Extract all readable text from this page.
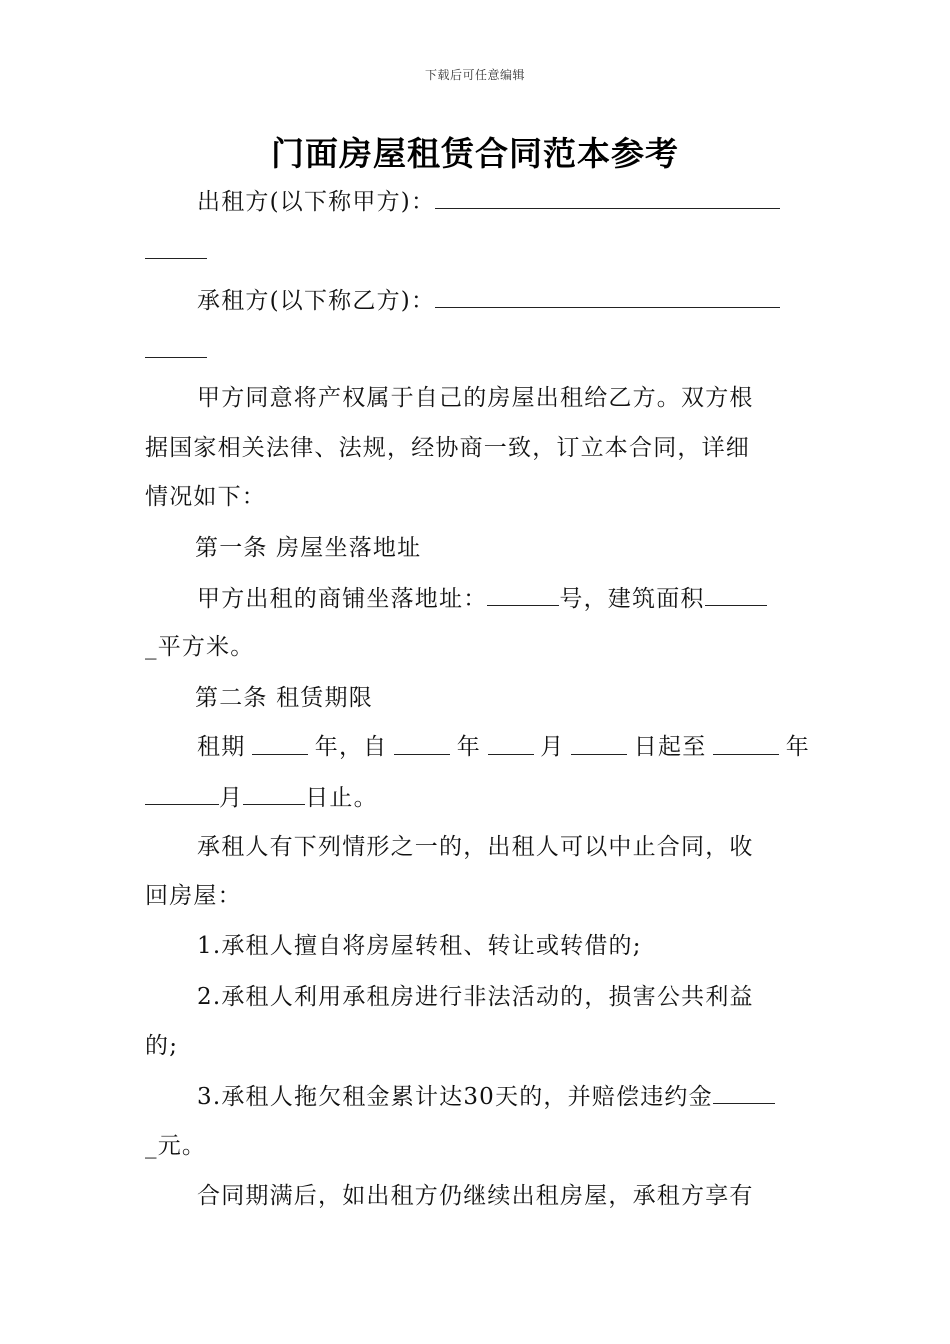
下载后可任意编辑
门面房屋租赁合同范本参考
出租方(以下称甲方)：
承租方(以下称乙方)：
甲方同意将产权属于自己的房屋出租给乙方。双方根
据国家相关法律、法规，经协商一致，订立本合同，详细
情况如下：
第一条 房屋坐落地址
甲方出租的商铺坐落地址：	号，建筑面积
_平方米。
第二条 租赁期限
租期	年，自	年	月	日起至	年
月	日止。
承租人有下列情形之一的，出租人可以中止合同，收
回房屋：
1.承租人擅自将房屋转租、转让或转借的;
2.承租人利用承租房进行非法活动的，损害公共利益
的;
3.承租人拖欠租金累计达30天的，并赔偿违约金
_元。
合同期满后，如出租方仍继续出租房屋，承租方享有
